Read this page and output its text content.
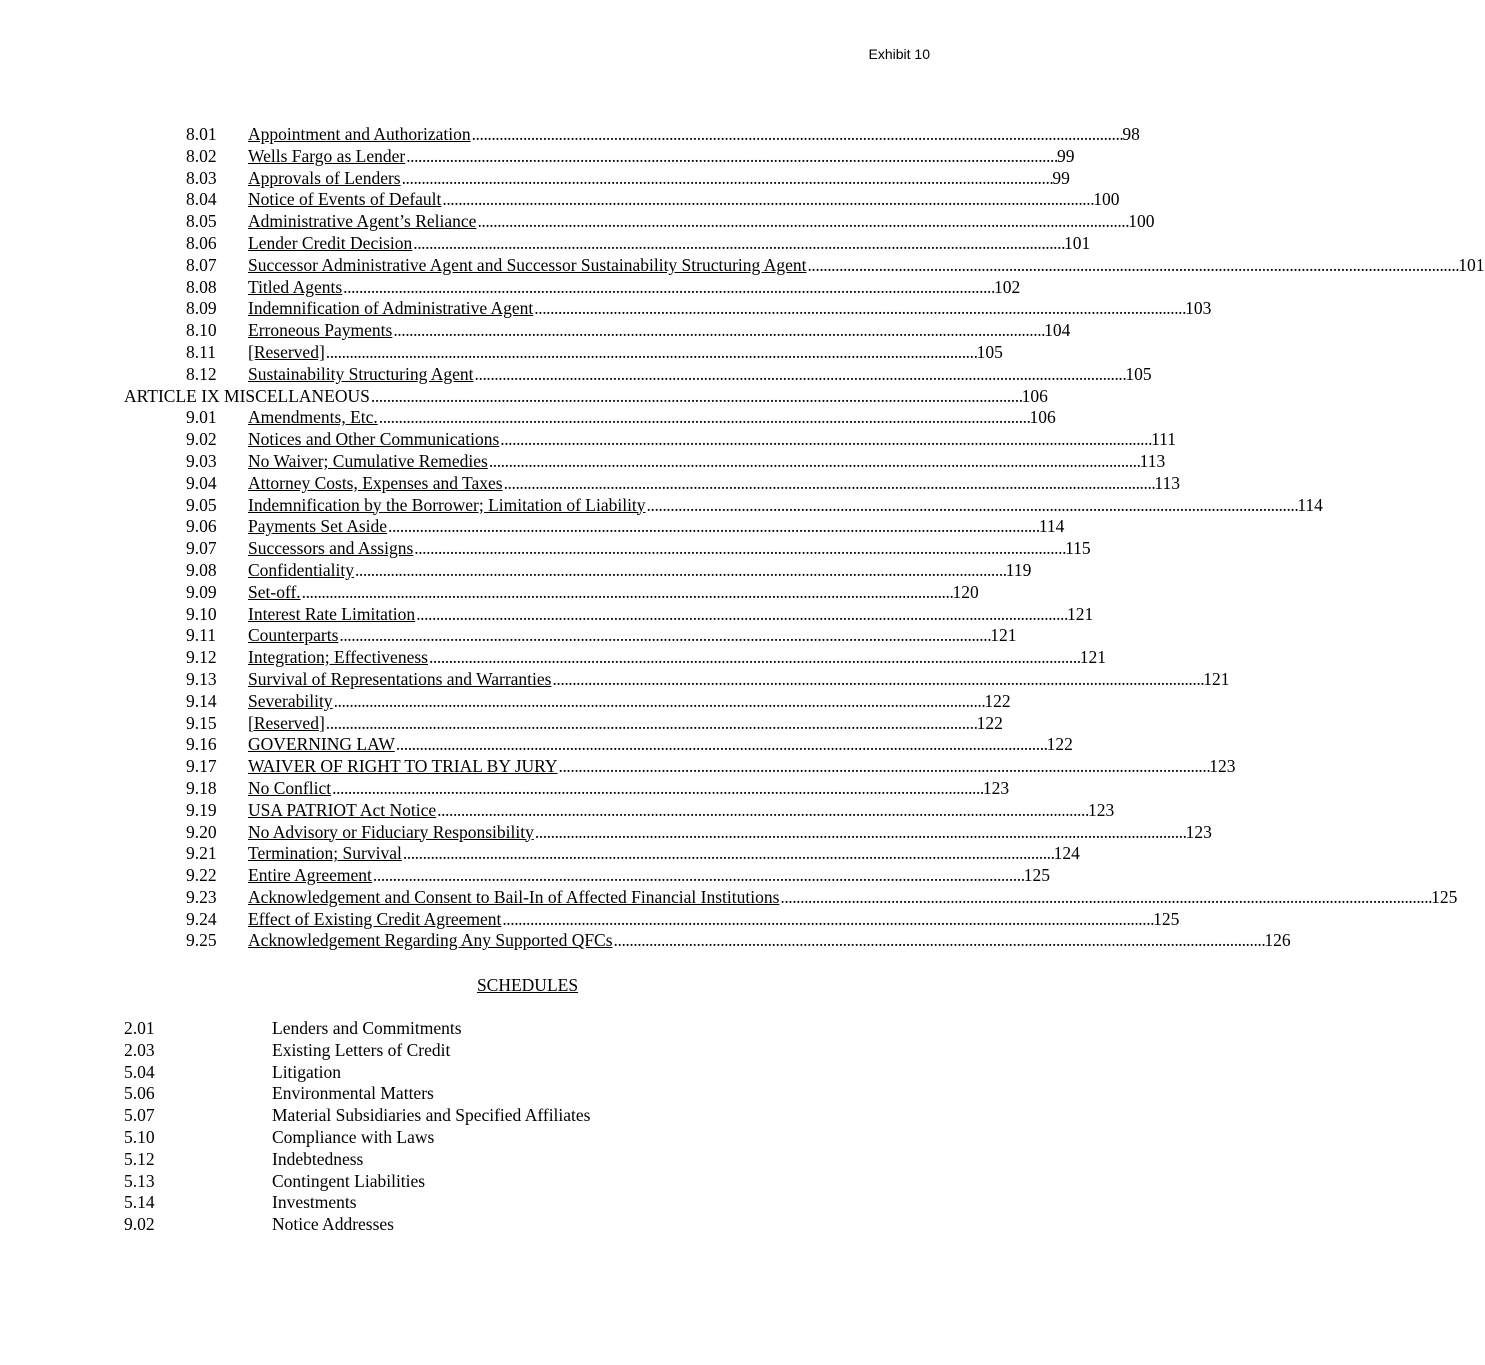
Exhibit 10
8.01	Appointment and Authorization . . .	98
8.02	Wells Fargo as Lender . . .	99
8.03	Approvals of Lenders . . .	99
8.04	Notice of Events of Default . . .	100
8.05	Administrative Agent’s Reliance . . .	100
8.06	Lender Credit Decision . . .	101
8.07	Successor Administrative Agent and Successor Sustainability Structuring Agent . . .	101
8.08	Titled Agents . . .	102
8.09	Indemnification of Administrative Agent . . .	103
8.10	Erroneous Payments . . .	104
8.11	[Reserved] . . .	105
8.12	Sustainability Structuring Agent . . .	105
ARTICLE IX MISCELLANEOUS . . .	106
9.01	Amendments, Etc. . . .	106
9.02	Notices and Other Communications . . .	111
9.03	No Waiver; Cumulative Remedies . . .	113
9.04	Attorney Costs, Expenses and Taxes . . .	113
9.05	Indemnification by the Borrower; Limitation of Liability . . .	114
9.06	Payments Set Aside . . .	114
9.07	Successors and Assigns . . .	115
9.08	Confidentiality . . .	119
9.09	Set-off. . . .	120
9.10	Interest Rate Limitation . . .	121
9.11	Counterparts . . .	121
9.12	Integration; Effectiveness . . .	121
9.13	Survival of Representations and Warranties . . .	121
9.14	Severability . . .	122
9.15	[Reserved] . . .	122
9.16	GOVERNING LAW . . .	122
9.17	WAIVER OF RIGHT TO TRIAL BY JURY . . .	123
9.18	No Conflict . . .	123
9.19	USA PATRIOT Act Notice . . .	123
9.20	No Advisory or Fiduciary Responsibility . . .	123
9.21	Termination; Survival . . .	124
9.22	Entire Agreement . . .	125
9.23	Acknowledgement and Consent to Bail-In of Affected Financial Institutions . . .	125
9.24	Effect of Existing Credit Agreement . . .	125
9.25	Acknowledgement Regarding Any Supported QFCs . . .	126
SCHEDULES
2.01	Lenders and Commitments
2.03	Existing Letters of Credit
5.04	Litigation
5.06	Environmental Matters
5.07	Material Subsidiaries and Specified Affiliates
5.10	Compliance with Laws
5.12	Indebtedness
5.13	Contingent Liabilities
5.14	Investments
9.02	Notice Addresses
